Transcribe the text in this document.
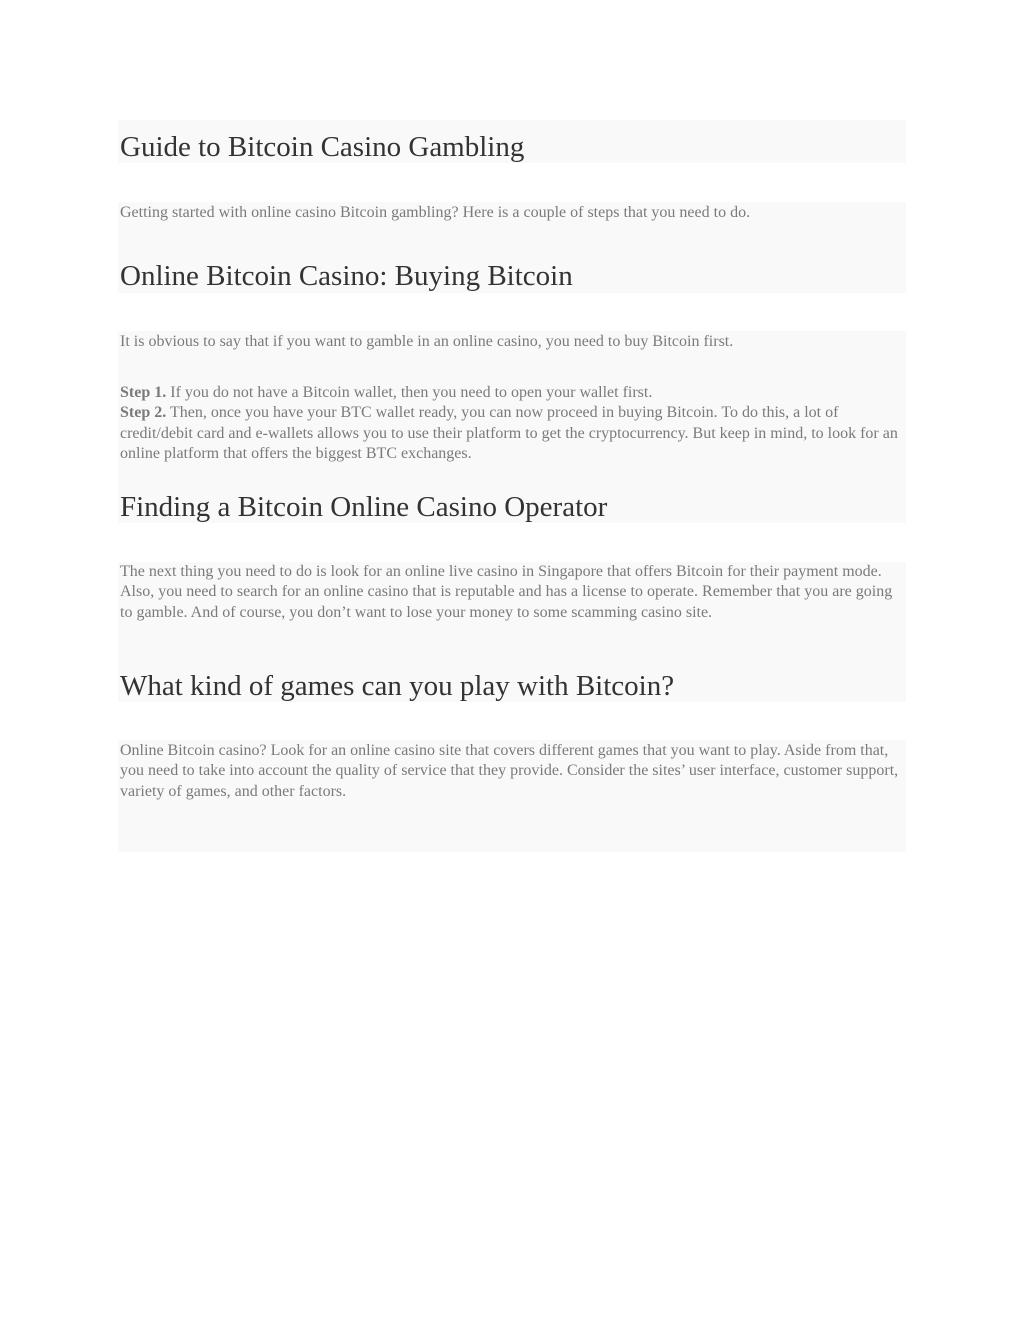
Guide to Bitcoin Casino Gambling

Getting started with online casino Bitcoin gambling? Here is a couple of steps that you need to do.

Online Bitcoin Casino: Buying Bitcoin

It is obvious to say that if you want to gamble in an online casino, you need to buy Bitcoin first.

Step 1. If you do not have a Bitcoin wallet, then you need to open your wallet first.
Step 2. Then, once you have your BTC wallet ready, you can now proceed in buying Bitcoin. To do this, a lot of credit/debit card and e-wallets allows you to use their platform to get the cryptocurrency. But keep in mind, to look for an online platform that offers the biggest BTC exchanges.

Finding a Bitcoin Online Casino Operator

The next thing you need to do is look for an online live casino in Singapore that offers Bitcoin for their payment mode. Also, you need to search for an online casino that is reputable and has a license to operate. Remember that you are going to gamble. And of course, you don’t want to lose your money to some scamming casino site.

What kind of games can you play with Bitcoin?

Online Bitcoin casino? Look for an online casino site that covers different games that you want to play. Aside from that, you need to take into account the quality of service that they provide. Consider the sites’ user interface, customer support, variety of games, and other factors.
